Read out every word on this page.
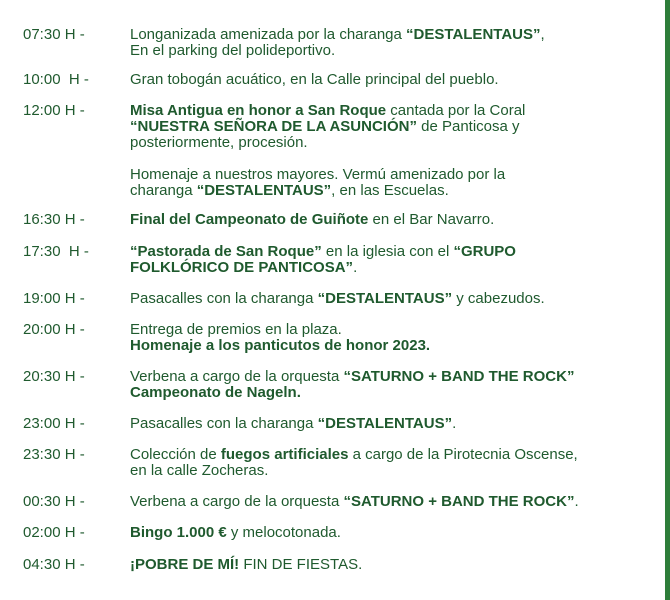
07:30 H -	Longanizada amenizada por la charanga “DESTALENTAUS”,
En el parking del polideportivo.
10:00  H -	Gran tobogán acuático, en la Calle principal del pueblo.
12:00 H -	Misa Antigua en honor a San Roque cantada por la Coral
“NUESTRA SEÑORA DE LA ASUNCIÓN” de Panticosa y
posteriormente, procesión.
Homenaje a nuestros mayores. Vermú amenizado por la
charanga “DESTALENTAUS”, en las Escuelas.
16:30 H -	Final del Campeonato de Guiñote en el Bar Navarro.
17:30  H -	“Pastorada de San Roque” en la iglesia con el “GRUPO
FOLKLÓRICO DE PANTICOSA”.
19:00 H -	Pasacalles con la charanga “DESTALENTAUS” y cabezudos.
20:00 H -	Entrega de premios en la plaza.
Homenaje a los panticutos de honor 2023.
20:30 H -	Verbena a cargo de la orquesta “SATURNO + BAND THE ROCK”
Campeonato de Nageln.
23:00 H -	Pasacalles con la charanga “DESTALENTAUS”.
23:30 H -	Colección de fuegos artificiales a cargo de la Pirotecnia Oscense,
en la calle Zocheras.
00:30 H -	Verbena a cargo de la orquesta “SATURNO + BAND THE ROCK”.
02:00 H -	Bingo 1.000 € y melocotonada.
04:30 H -	¡POBRE DE MÍ! FIN DE FIESTAS.
